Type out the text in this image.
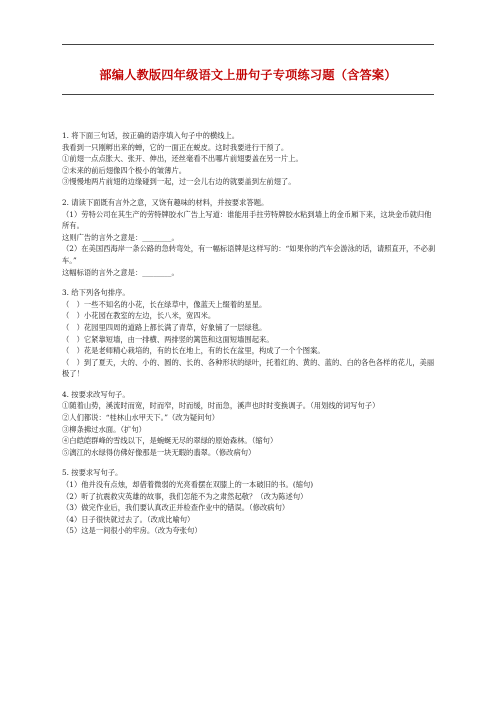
部编人教版四年级语文上册句子专项练习题（含答案）

1. 将下面三句话，按正确的语序填入句子中的横线上。

我看到一只刚孵出来的蝉，它的一面正在蜕皮。这时我要进行干预了。

①前翅一点点胀大、张开、伸出，还丝毫看不出哪片前翅要盖在另一片上。

②未来的前后翅像四个极小的皱薄片。

③慢慢地两片前翅的边缘碰到一起，过一会儿右边的就要盖到左前翅了。

2. 请读下面既有言外之意，又饶有趣味的材料，并按要求答题。

（1）劳特公司在其生产的劳特牌胶水广告上写道：谁能用手拄劳特牌胶水粘到墙上的金币厢下来，这块金币就归他所有。

这则广告的言外之意是：________。

（2）在美国西海岸一条公路的急转弯处，有一幅标语牌是这样写的：“如果你的汽车会游泳的话，请照直开，不必刹车。”

这幅标语的言外之意是：________。

3. 给下列各句排序。

（　）一些不知名的小花，长在绿草中，像蓝天上缀着的星星。

（　）小花园在教室的左边，长八米，宽四米。

（　）花园里四周的道路上都长满了青草，好象铺了一层绿毯。

（　）它紧靠短墙，由一排横、两排竖的篱笆和这面短墙围起来。

（　）花是老师精心栽培的，有的长在地上，有的长在盆里，构成了一个个图案。

（　）到了夏天，大的、小的、圆的、长的、各种形状的绿叶，托着红的、黄的、蓝的、白的各色各样的花儿，美丽极了！

4. 按要求改写句子。

①随着山势，溪流时而宽，时而窄，时而缓，时而急，溪声也时时变换调子。（用划线的词写句子）

②人们都说：“桂林山水甲天下。”（改为疑问句）

③柳条拂过水面。（扩句）

④白皑皑群峰的雪线以下，是蜿蜒无尽的翠绿的原始森林。（缩句）

⑤漓江的水绿得仿佛好像那是一块无暇的翡翠。（修改病句）

5. 按要求写句子。

（1）他并没有点烛，却借着微弱的光亮看摆在双膝上的一本破旧的书。(缩句)

（2）听了抗震救灾英雄的故事，我们怎能不为之肃然起敬？（改为陈述句）

（3）做完作业后，我们要认真改正并检查作业中的错误。（修改病句）

（4）日子很快就过去了。（改成比喻句）

（5）这是一间很小的牢房。（改为夸张句）
